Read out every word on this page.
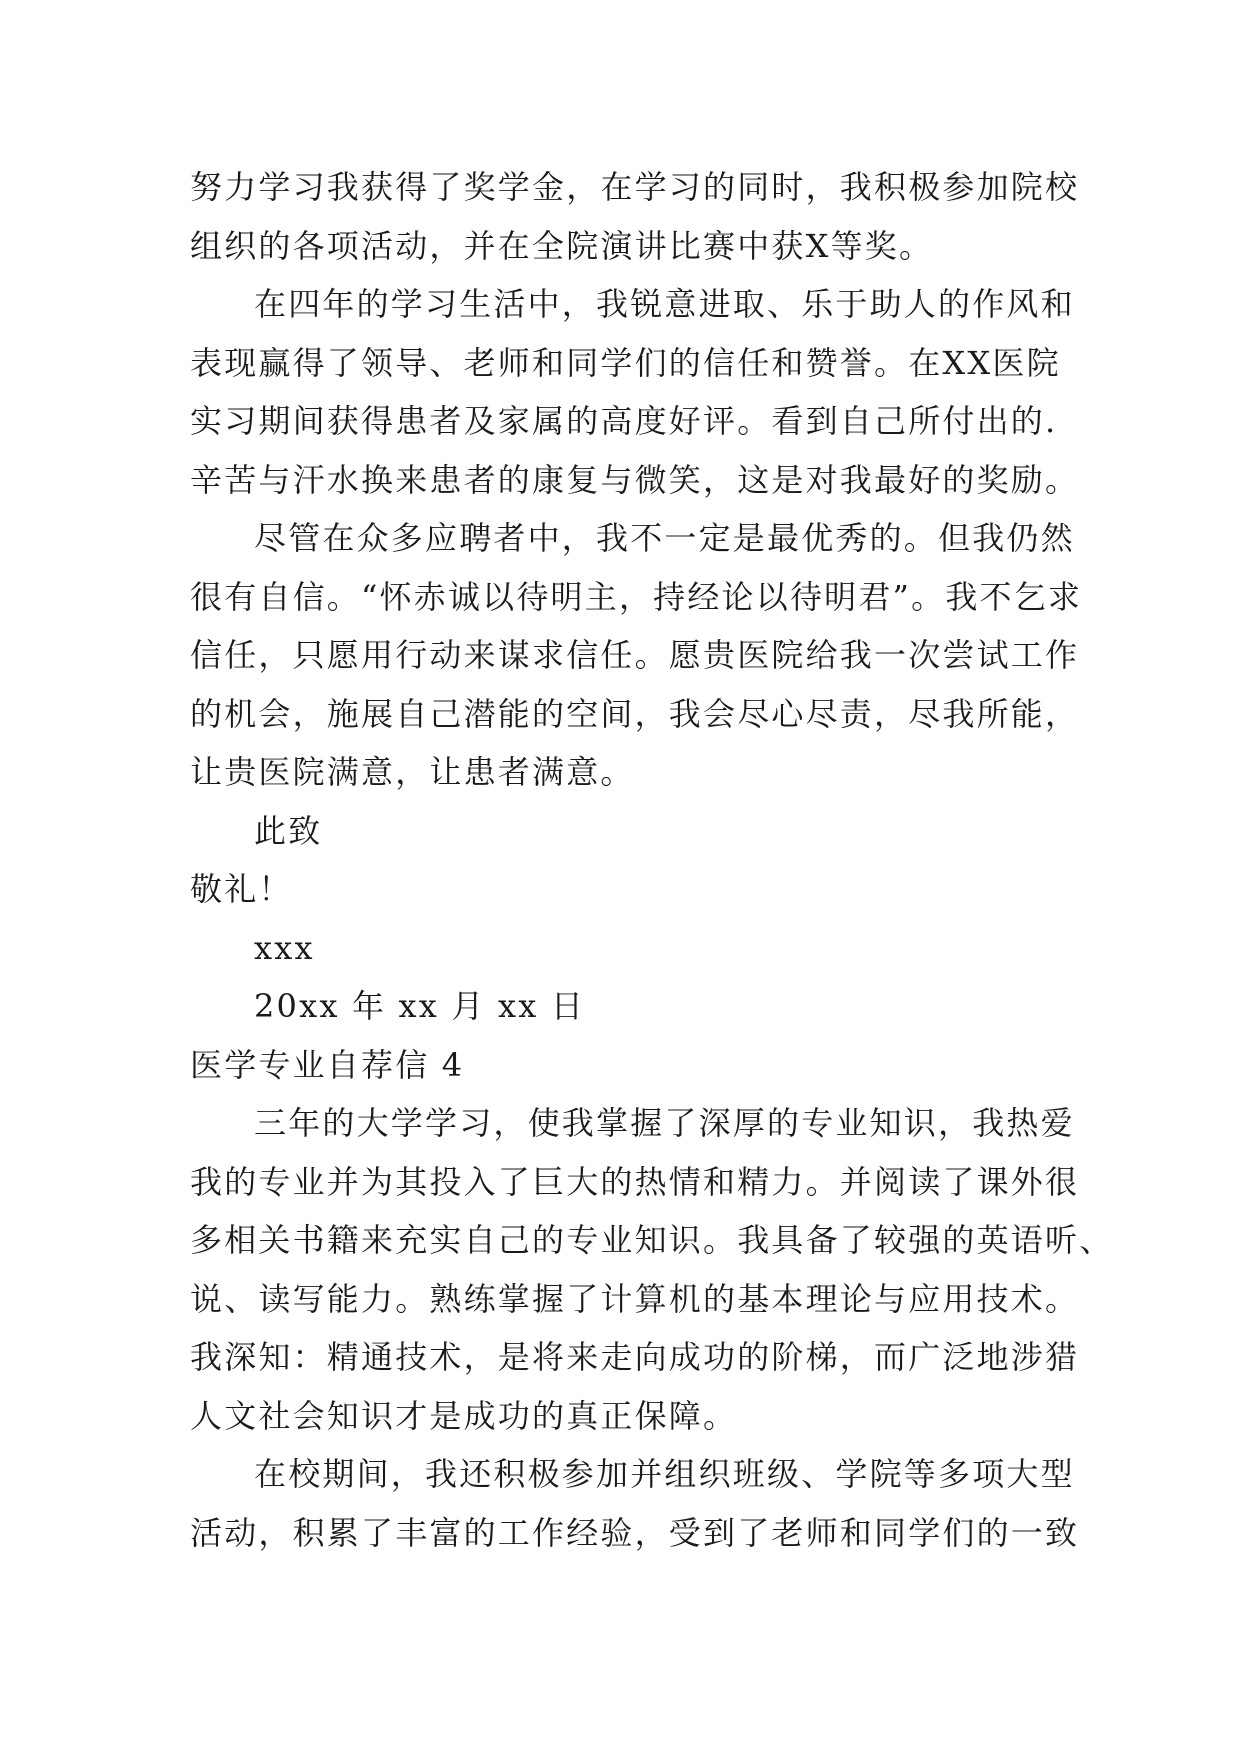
努力学习我获得了奖学金，在学习的同时，我积极参加院校
组织的各项活动，并在全院演讲比赛中获X等奖。
在四年的学习生活中，我锐意进取、乐于助人的作风和
表现赢得了领导、老师和同学们的信任和赞誉。在XX医院
实习期间获得患者及家属的高度好评。看到自己所付出的.
辛苦与汗水换来患者的康复与微笑，这是对我最好的奖励。
尽管在众多应聘者中，我不一定是最优秀的。但我仍然
很有自信。“怀赤诚以待明主，持经论以待明君”。我不乞求
信任，只愿用行动来谋求信任。愿贵医院给我一次尝试工作
的机会，施展自己潜能的空间，我会尽心尽责，尽我所能，
让贵医院满意，让患者满意。
此致
敬礼！
xxx
20xx 年 xx 月 xx 日
医学专业自荐信 4
三年的大学学习，使我掌握了深厚的专业知识，我热爱
我的专业并为其投入了巨大的热情和精力。并阅读了课外很
多相关书籍来充实自己的专业知识。我具备了较强的英语听、
说、读写能力。熟练掌握了计算机的基本理论与应用技术。
我深知：精通技术，是将来走向成功的阶梯，而广泛地涉猎
人文社会知识才是成功的真正保障。
在校期间，我还积极参加并组织班级、学院等多项大型
活动，积累了丰富的工作经验，受到了老师和同学们的一致
